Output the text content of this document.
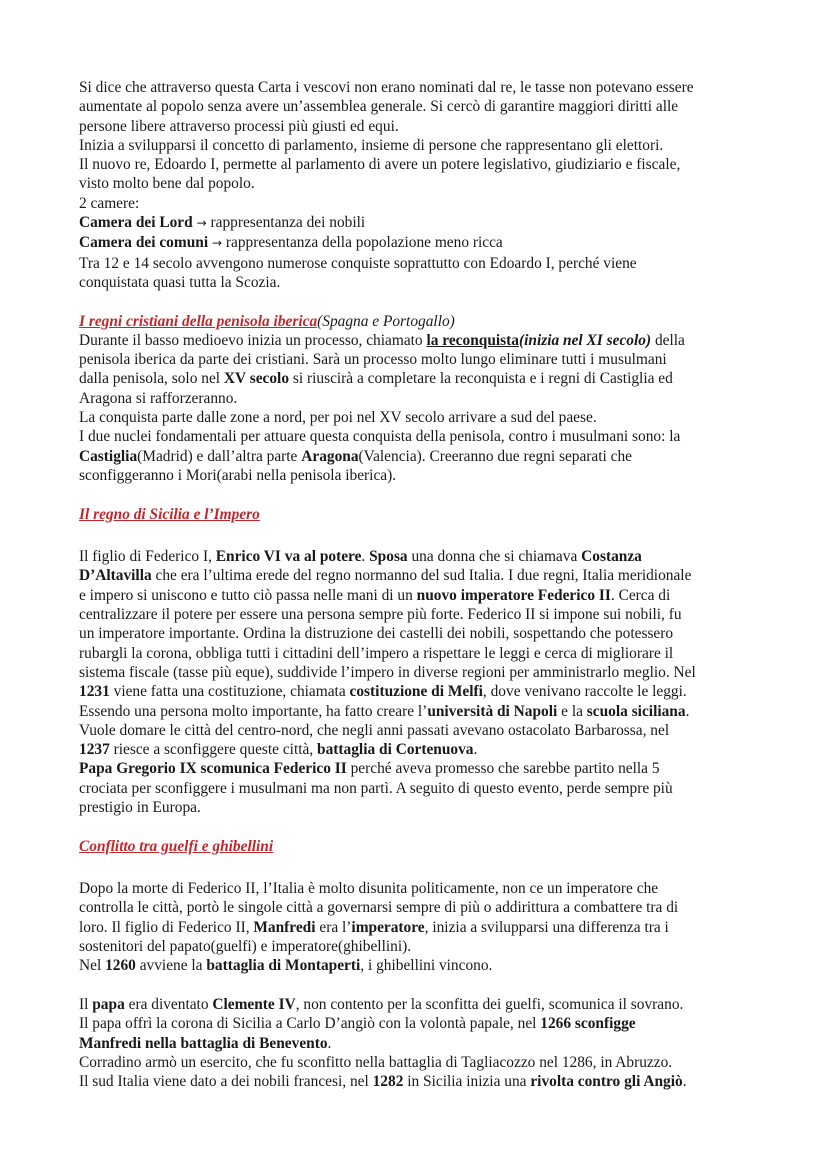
Si dice che attraverso questa Carta i vescovi non erano nominati dal re, le tasse non potevano essere

aumentate al popolo senza avere un’assemblea generale. Si cercò di garantire maggiori diritti alle

persone libere attraverso processi più giusti ed equi.

Inizia a svilupparsi il concetto di parlamento, insieme di persone che rappresentano gli elettori.

Il nuovo re, Edoardo I, permette al parlamento di avere un potere legislativo, giudiziario e fiscale,

visto molto bene dal popolo.

2 camere:

Camera dei Lord → rappresentanza dei nobili

Camera dei comuni → rappresentanza della popolazione meno ricca

Tra 12 e 14 secolo avvengono numerose conquiste soprattutto con Edoardo I, perché viene

conquistata quasi tutta la Scozia.

I regni cristiani della penisola iberica(Spagna e Portogallo)

Durante il basso medioevo inizia un processo, chiamato la reconquista(inizia nel XI secolo) della

penisola iberica da parte dei cristiani. Sarà un processo molto lungo eliminare tutti i musulmani

dalla penisola, solo nel XV secolo si riuscirà a completare la reconquista e i regni di Castiglia ed

Aragona si rafforzeranno.

La conquista parte dalle zone a nord, per poi nel XV secolo arrivare a sud del paese.

I due nuclei fondamentali per attuare questa conquista della penisola, contro i musulmani sono: la

Castiglia(Madrid) e dall’altra parte Aragona(Valencia). Creeranno due regni separati che

sconfiggeranno i Mori(arabi nella penisola iberica).

Il regno di Sicilia e l’Impero

Il figlio di Federico I, Enrico VI va al potere. Sposa una donna che si chiamava Costanza

D’Altavilla che era l’ultima erede del regno normanno del sud Italia. I due regni, Italia meridionale

e impero si uniscono e tutto ciò passa nelle mani di un nuovo imperatore Federico II. Cerca di

centralizzare il potere per essere una persona sempre più forte. Federico II si impone sui nobili, fu

un imperatore importante. Ordina la distruzione dei castelli dei nobili, sospettando che potessero

rubargli la corona, obbliga tutti i cittadini dell’impero a rispettare le leggi e cerca di migliorare il

sistema fiscale (tasse più eque), suddivide l’impero in diverse regioni per amministrarlo meglio. Nel

1231 viene fatta una costituzione, chiamata costituzione di Melfi, dove venivano raccolte le leggi.

Essendo una persona molto importante, ha fatto creare l’università di Napoli e la scuola siciliana.

Vuole domare le città del centro-nord, che negli anni passati avevano ostacolato Barbarossa, nel

1237 riesce a sconfiggere queste città, battaglia di Cortenuova.

Papa Gregorio IX scomunica Federico II perché aveva promesso che sarebbe partito nella 5

crociata per sconfiggere i musulmani ma non partì. A seguito di questo evento, perde sempre più

prestigio in Europa.

Conflitto tra guelfi e ghibellini

Dopo la morte di Federico II, l’Italia è molto disunita politicamente, non ce un imperatore che

controlla le città, portò le singole città a governarsi sempre di più o addirittura a combattere tra di

loro. Il figlio di Federico II, Manfredi era l’imperatore, inizia a svilupparsi una differenza tra i

sostenitori del papato(guelfi) e imperatore(ghibellini).

Nel 1260 avviene la battaglia di Montaperti, i ghibellini vincono.

Il papa era diventato Clemente IV, non contento per la sconfitta dei guelfi, scomunica il sovrano.

Il papa offrì la corona di Sicilia a Carlo D’angiò con la volontà papale, nel 1266 sconfigge

Manfredi nella battaglia di Benevento.

Corradino armò un esercito, che fu sconfitto nella battaglia di Tagliacozzo nel 1286, in Abruzzo.

Il sud Italia viene dato a dei nobili francesi, nel 1282 in Sicilia inizia una rivolta contro gli Angiò.
